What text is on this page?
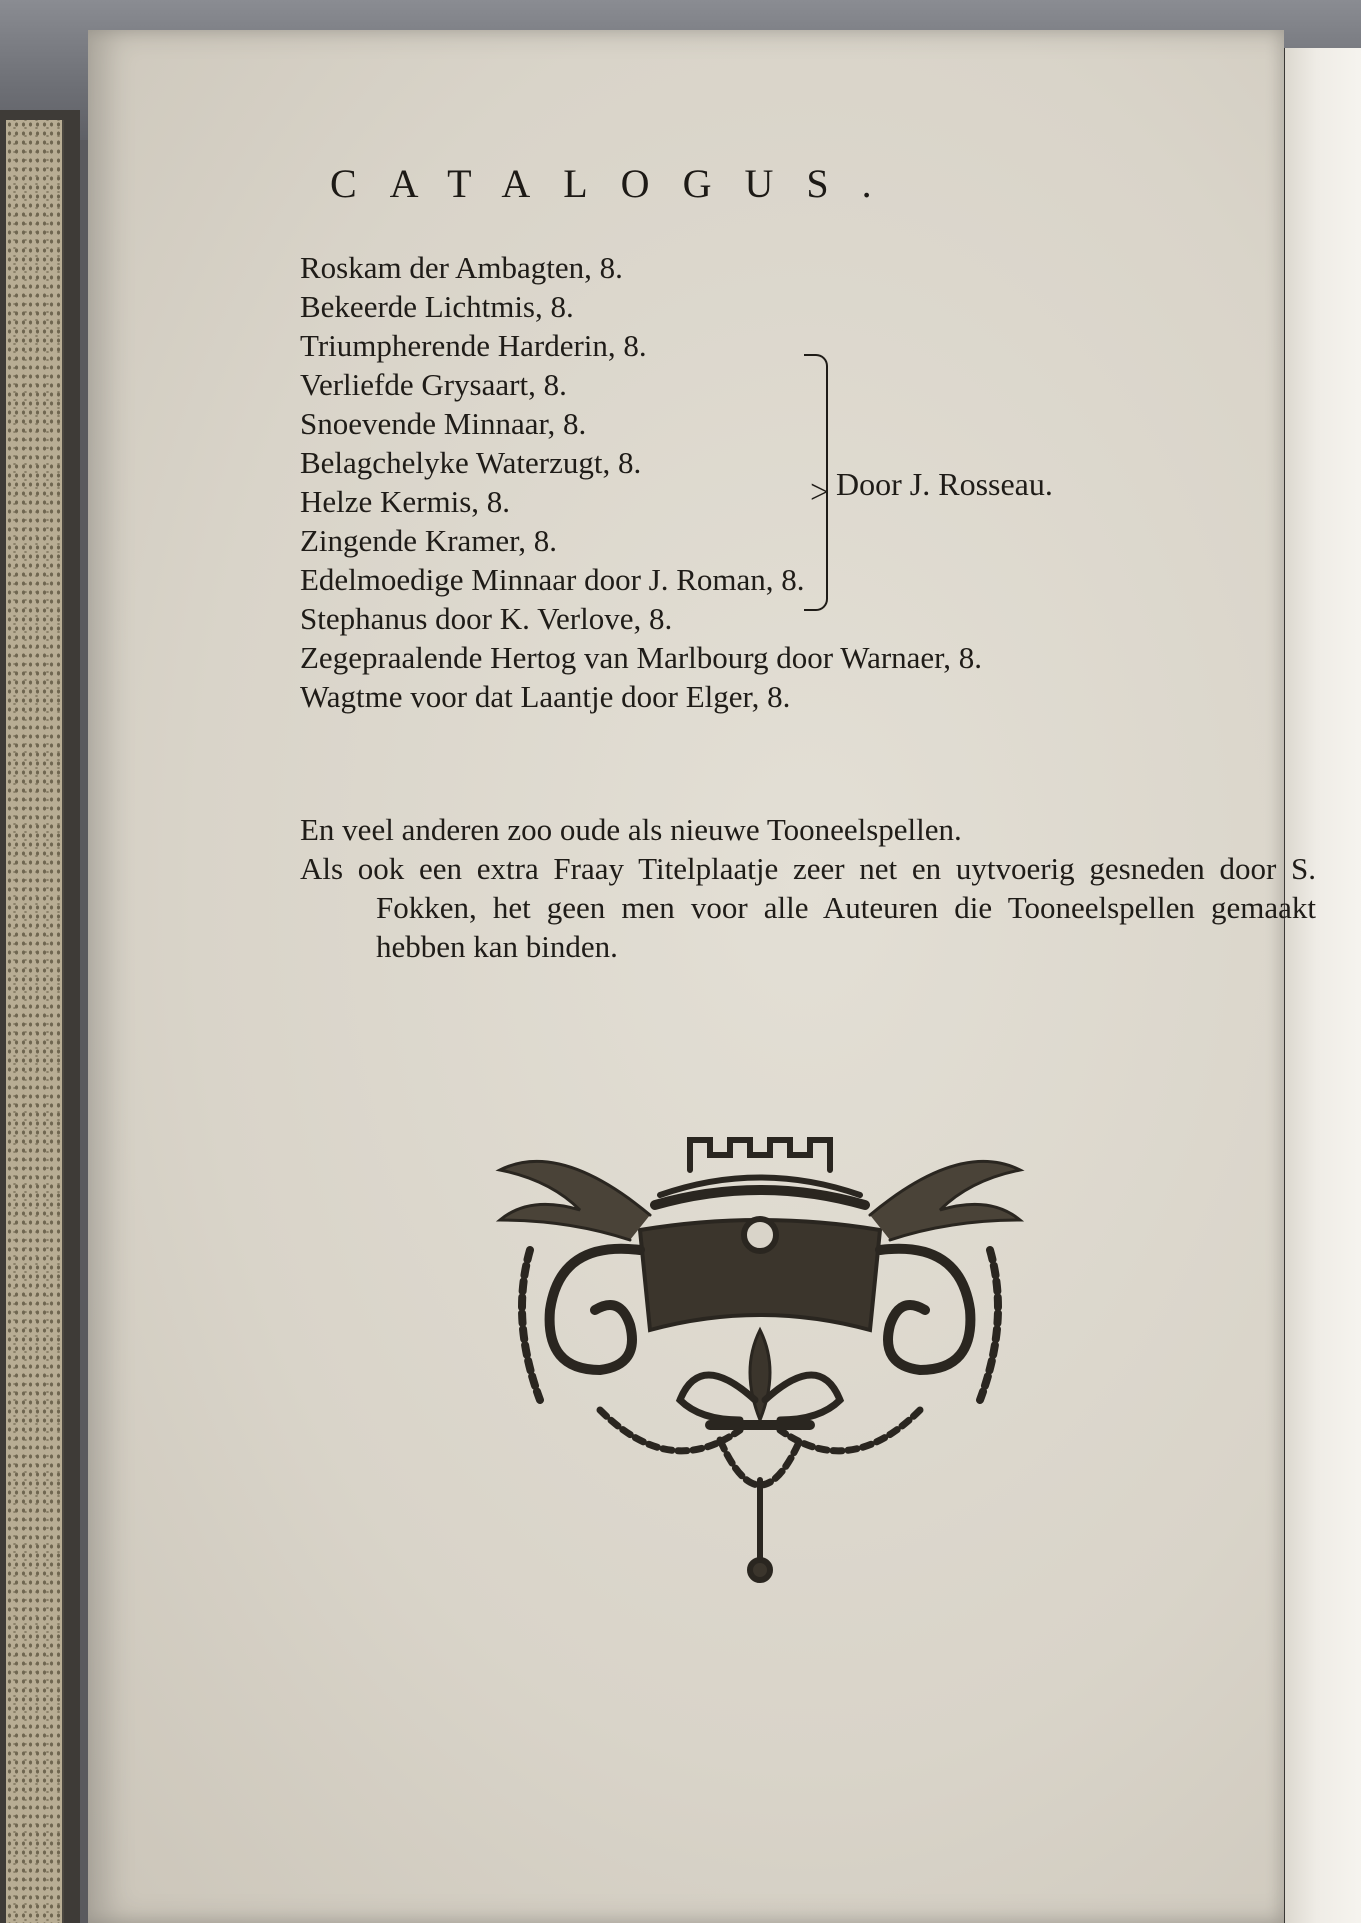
CATALOGUS.
Roskam der Ambagten, 8.
Bekeerde Lichtmis, 8.
Triumpherende Harderin, 8.
Verliefde Grysaart, 8.
Snoevende Minnaar, 8.
Belagchelyke Waterzugt, 8.
Helze Kermis, 8.
Zingende Kramer, 8.
Edelmoedige Minnaar door J. Roman, 8.
Stephanus door K. Verlove, 8.
Zegepraalende Hertog van Marlbourg door Warnaer, 8.
Wagtme voor dat Laantje door Elger, 8.
> Door J. Rosseau.
En veel anderen zoo oude als nieuwe Tooneelspellen.
Als ook een extra Fraay Titelplaatje zeer net en uytvoerig gesneden door S. Fokken, het geen men voor alle Auteuren die Tooneelspellen gemaakt hebben kan binden.
